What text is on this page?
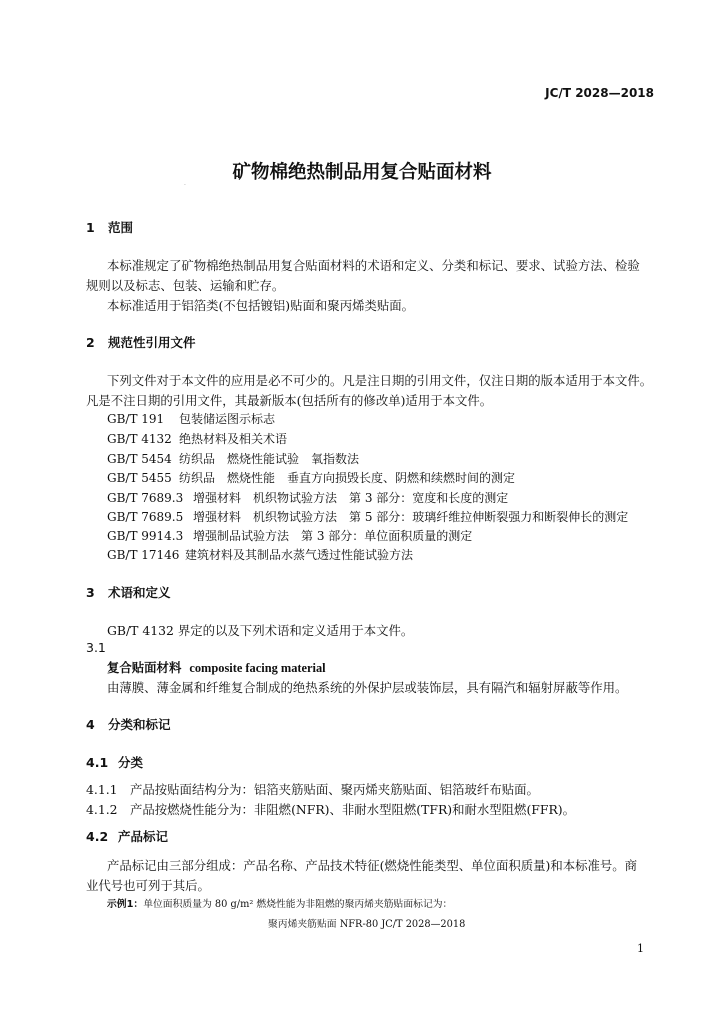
JC/T 2028—2018
矿物棉绝热制品用复合贴面材料
·
1 范围
本标准规定了矿物棉绝热制品用复合贴面材料的术语和定义、分类和标记、要求、试验方法、检验
规则以及标志、包装、运输和贮存。
本标准适用于铝箔类(不包括镀铝)贴面和聚丙烯类贴面。
2 规范性引用文件
下列文件对于本文件的应用是必不可少的。凡是注日期的引用文件，仅注日期的版本适用于本文件。
凡是不注日期的引用文件，其最新版本(包括所有的修改单)适用于本文件。
GB/T 191 包装储运图示标志
GB/T 4132 绝热材料及相关术语
GB/T 5454 纺织品　燃烧性能试验　氧指数法
GB/T 5455 纺织品　燃烧性能　垂直方向损毁长度、阴燃和续燃时间的测定
GB/T 7689.3 增强材料　机织物试验方法　第 3 部分：宽度和长度的测定
GB/T 7689.5 增强材料　机织物试验方法　第 5 部分：玻璃纤维拉伸断裂强力和断裂伸长的测定
GB/T 9914.3 增强制品试验方法　第 3 部分：单位面积质量的测定
GB/T 17146 建筑材料及其制品水蒸气透过性能试验方法
3 术语和定义
GB/T 4132 界定的以及下列术语和定义适用于本文件。
3.1
复合贴面材料 composite facing material
由薄膜、薄金属和纤维复合制成的绝热系统的外保护层或装饰层，具有隔汽和辐射屏蔽等作用。
4 分类和标记
4.1 分类
4.1.1 产品按贴面结构分为：铝箔夹筋贴面、聚丙烯夹筋贴面、铝箔玻纤布贴面。
4.1.2 产品按燃烧性能分为：非阻燃(NFR)、非耐水型阻燃(TFR)和耐水型阻燃(FFR)。
4.2 产品标记
产品标记由三部分组成：产品名称、产品技术特征(燃烧性能类型、单位面积质量)和本标准号。商
业代号也可列于其后。
示例1：单位面积质量为 80 g/m² 燃烧性能为非阻燃的聚丙烯夹筋贴面标记为：
聚丙烯夹筋贴面 NFR-80 JC/T 2028—2018
1
